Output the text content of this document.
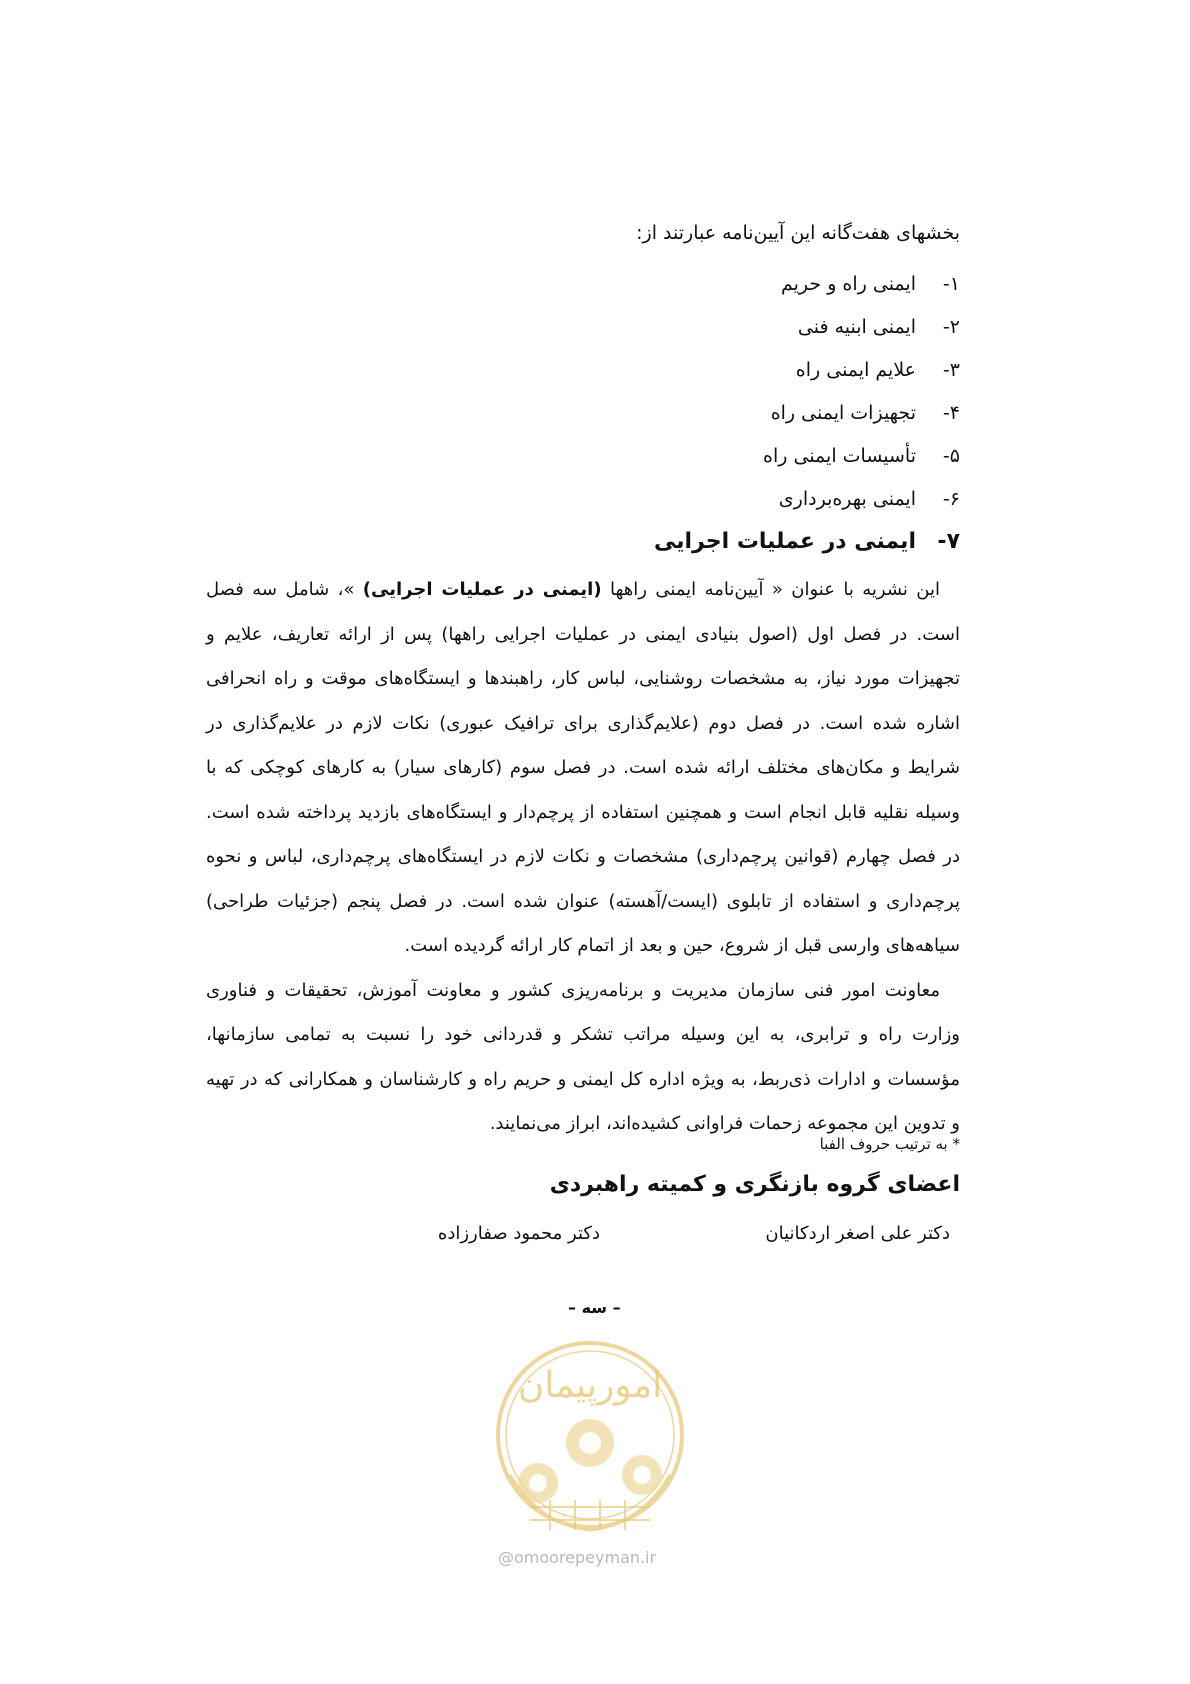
بخشهای هفت‌گانه این آیین‌نامه عبارتند از:
۱-
ایمنی راه و حریم
۲-
ایمنی ابنیه فنی
۳-
علایم ایمنی راه
۴-
تجهیزات ایمنی راه
۵-
تأسیسات ایمنی راه
۶-
ایمنی بهره‌برداری
۷-
ایمنی در عملیات اجرایی

این نشریه با عنوان « آیین‌نامه ایمنی راهها (ایمنی در عملیات اجرایی) »، شامل سه فصل است. در فصل اول (اصول بنیادی ایمنی در عملیات اجرایی راهها) پس از ارائه تعاریف، علایم و تجهیزات مورد نیاز، به مشخصات روشنایی، لباس کار، راهبندها و ایستگاه‌های موقت و راه انحرافی اشاره شده است. در فصل دوم (علایم‌گذاری برای ترافیک عبوری) نکات لازم در علایم‌گذاری در شرایط و مکان‌های مختلف ارائه شده است. در فصل سوم (کارهای سیار) به کارهای کوچکی که با وسیله نقلیه قابل انجام است و همچنین استفاده از پرچم‌دار و ایستگاه‌های بازدید پرداخته شده است. در فصل چهارم (قوانین پرچم‌داری) مشخصات و نکات لازم در ایستگاه‌های پرچم‌داری، لباس و نحوه پرچم‌داری و استفاده از تابلوی (ایست/آهسته) عنوان شده است. در فصل پنجم (جزئیات طراحی) سیاهه‌های وارسی قبل از شروع، حین و بعد از اتمام کار ارائه گردیده است.

معاونت امور فنی سازمان مدیریت و برنامه‌ریزی کشور و معاونت آموزش، تحقیقات و فناوری وزارت راه و ترابری، به این وسیله مراتب تشکر و قدردانی خود را نسبت به تمامی سازمانها، مؤسسات و ادارات ذی‌ربط، به ویژه اداره کل ایمنی و حریم راه و کارشناسان و همکارانی که در تهیه و تدوین این مجموعه زحمات فراوانی کشیده‌اند، ابراز می‌نمایند.

* به ترتیب حروف الفبا
اعضای گروه بازنگری و کمیته راهبردی
دکتر علی اصغر اردکانیان
دکتر محمود صفارزاده
– سه –
امورپیمان
@omoorepeyman.ir
